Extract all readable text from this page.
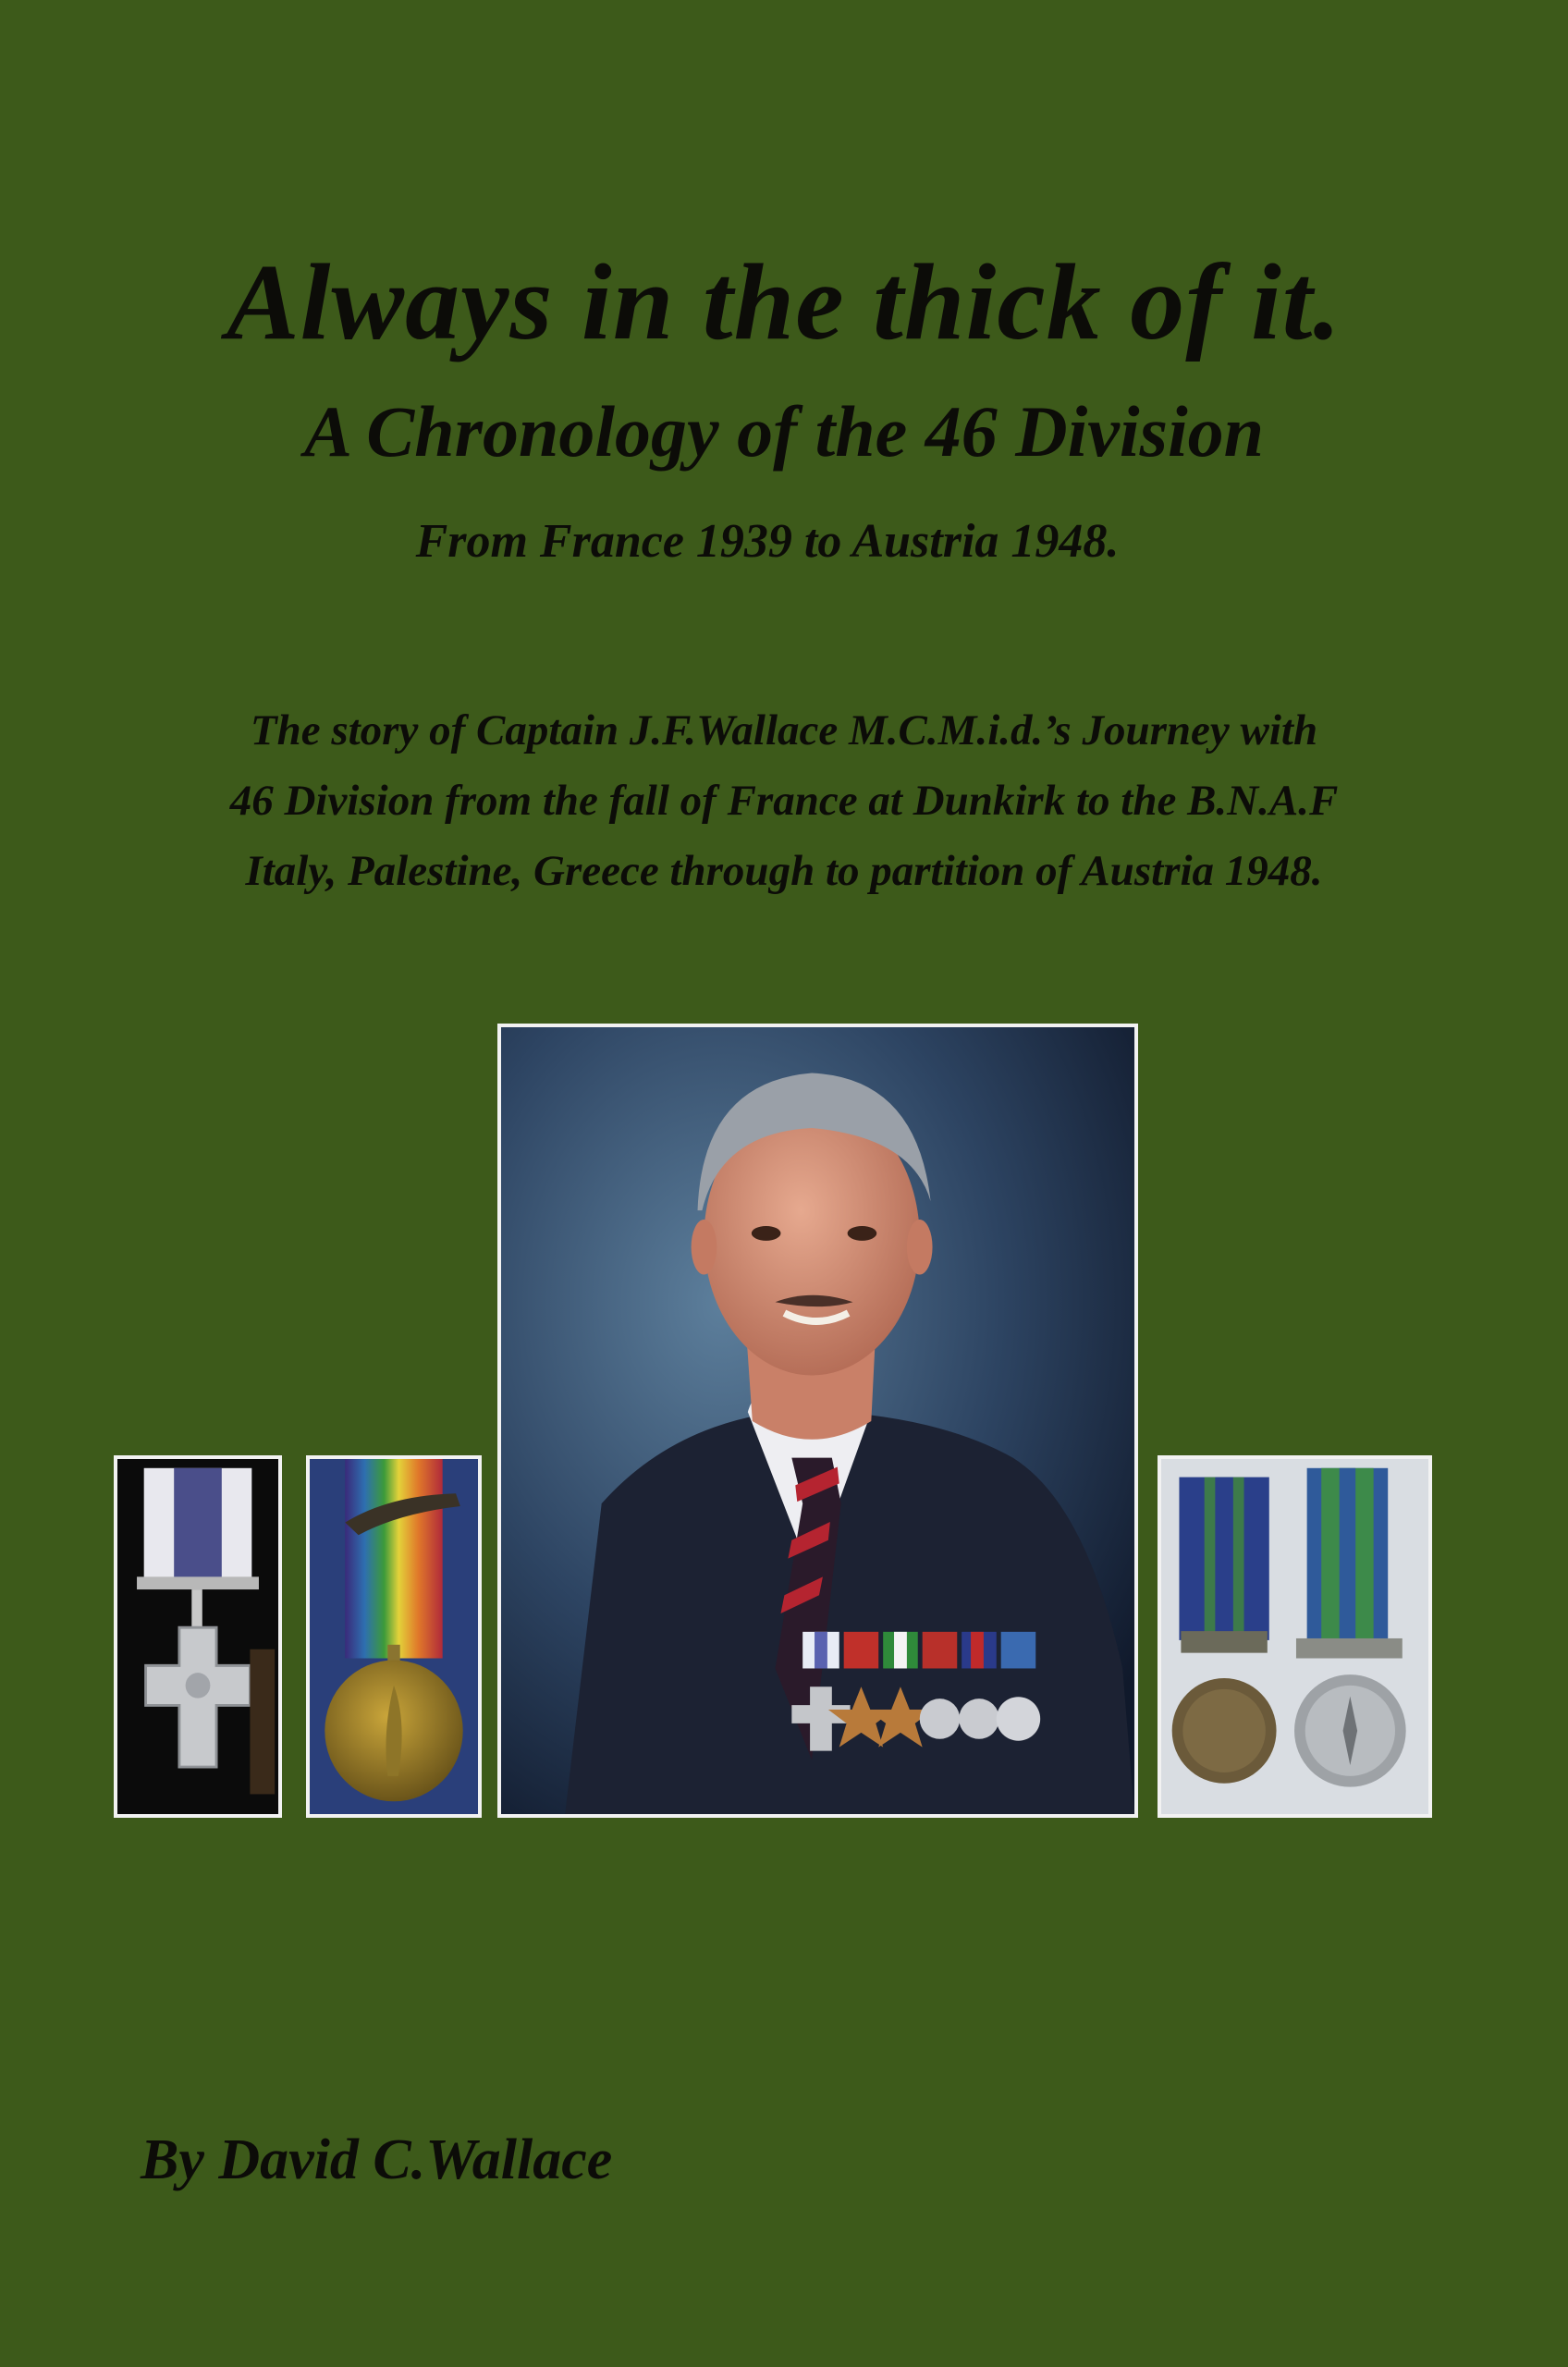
Always in the thick of it.
A Chronology of the 46 Division
From France 1939 to Austria 1948.
The story of Captain J.F.Wallace M.C.M.i.d.’s Journey with
46 Division from the fall of France at Dunkirk to the B.N.A.F
Italy, Palestine, Greece through to partition of Austria 1948.
By David C.Wallace
